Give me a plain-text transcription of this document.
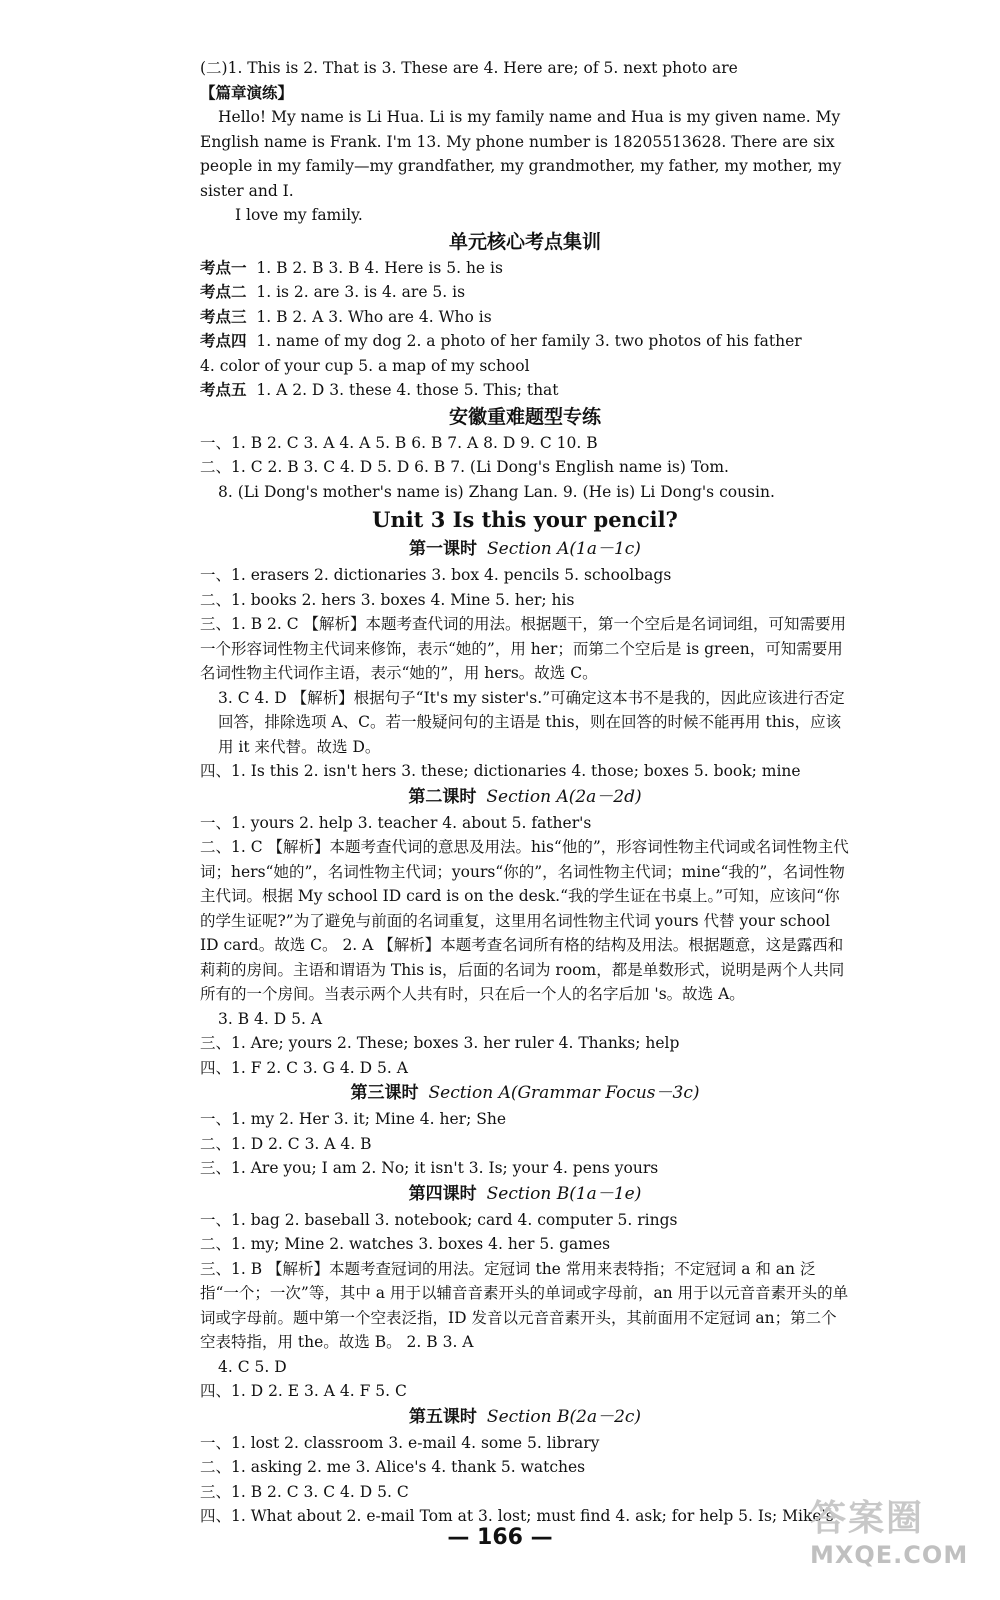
(二)1. This is 2. That is 3. These are 4. Here are; of 5. next photo are
【篇章演练】
Hello! My name is Li Hua. Li is my family name and Hua is my given name. My English name is Frank. I'm 13. My phone number is 18205513628. There are six people in my family—my grandfather, my grandmother, my father, my mother, my sister and I.
I love my family.
单元核心考点集训
考点一 1. B 2. B 3. B 4. Here is 5. he is
考点二 1. is 2. are 3. is 4. are 5. is
考点三 1. B 2. A 3. Who are 4. Who is
考点四 1. name of my dog 2. a photo of her family 3. two photos of his father
4. color of your cup 5. a map of my school
考点五 1. A 2. D 3. these 4. those 5. This; that
安徽重难题型专练
一、1. B 2. C 3. A 4. A 5. B 6. B 7. A 8. D 9. C 10. B
二、1. C 2. B 3. C 4. D 5. D 6. B 7. (Li Dong's English name is) Tom.
8. (Li Dong's mother's name is) Zhang Lan. 9. (He is) Li Dong's cousin.
Unit 3 Is this your pencil?
第一课时 Section A(1a－1c)
一、1. erasers 2. dictionaries 3. box 4. pencils 5. schoolbags
二、1. books 2. hers 3. boxes 4. Mine 5. her; his
三、1. B 2. C 【解析】本题考查代词的用法。根据题干，第一个空后是名词词组，可知需要用一个形容词性物主代词来修饰，表示“她的”，用 her；而第二个空后是 is green，可知需要用名词性物主代词作主语，表示“她的”，用 hers。故选 C。
3. C 4. D 【解析】根据句子“It's my sister's.”可确定这本书不是我的，因此应该进行否定回答，排除选项 A、C。若一般疑问句的主语是 this，则在回答的时候不能再用 this，应该用 it 来代替。故选 D。
四、1. Is this 2. isn't hers 3. these; dictionaries 4. those; boxes 5. book; mine
第二课时 Section A(2a－2d)
一、1. yours 2. help 3. teacher 4. about 5. father's
二、1. C 【解析】本题考查代词的意思及用法。his“他的”，形容词性物主代词或名词性物主代词；hers“她的”，名词性物主代词；yours“你的”，名词性物主代词；mine“我的”，名词性物主代词。根据 My school ID card is on the desk.“我的学生证在书桌上。”可知，应该问“你的学生证呢?”为了避免与前面的名词重复，这里用名词性物主代词 yours 代替 your school ID card。故选 C。 2. A 【解析】本题考查名词所有格的结构及用法。根据题意，这是露西和莉莉的房间。主语和谓语为 This is，后面的名词为 room，都是单数形式，说明是两个人共同所有的一个房间。当表示两个人共有时，只在后一个人的名字后加 's。故选 A。
3. B 4. D 5. A
三、1. Are; yours 2. These; boxes 3. her ruler 4. Thanks; help
四、1. F 2. C 3. G 4. D 5. A
第三课时 Section A(Grammar Focus－3c)
一、1. my 2. Her 3. it; Mine 4. her; She
二、1. D 2. C 3. A 4. B
三、1. Are you; I am 2. No; it isn't 3. Is; your 4. pens yours
第四课时 Section B(1a－1e)
一、1. bag 2. baseball 3. notebook; card 4. computer 5. rings
二、1. my; Mine 2. watches 3. boxes 4. her 5. games
三、1. B 【解析】本题考查冠词的用法。定冠词 the 常用来表特指；不定冠词 a 和 an 泛指“一个；一次”等，其中 a 用于以辅音音素开头的单词或字母前，an 用于以元音音素开头的单词或字母前。题中第一个空表泛指，ID 发音以元音音素开头，其前面用不定冠词 an；第二个空表特指，用 the。故选 B。 2. B 3. A
4. C 5. D
四、1. D 2. E 3. A 4. F 5. C
第五课时 Section B(2a－2c)
一、1. lost 2. classroom 3. e-mail 4. some 5. library
二、1. asking 2. me 3. Alice's 4. thank 5. watches
三、1. B 2. C 3. C 4. D 5. C
四、1. What about 2. e-mail Tom at 3. lost; must find 4. ask; for help 5. Is; Mike's
— 166 —	答案圈
MXQE.COM
